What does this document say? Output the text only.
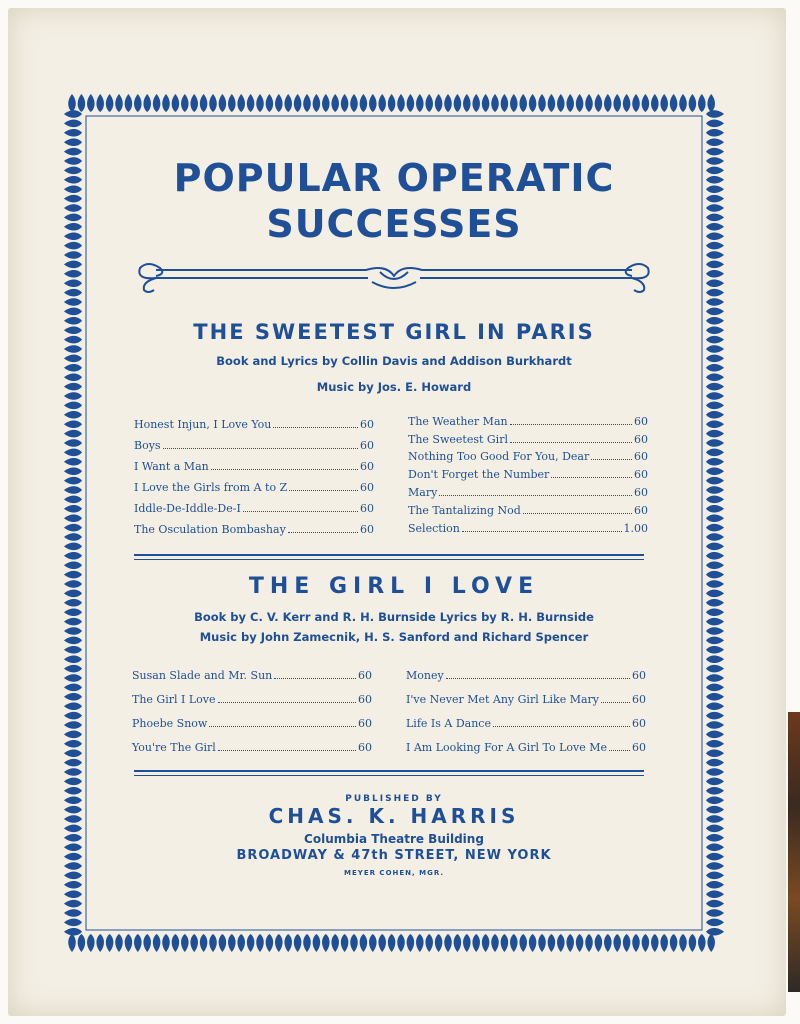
POPULAR OPERATIC
SUCCESSES
THE SWEETEST GIRL IN PARIS
Book and Lyrics by Collin Davis and Addison Burkhardt
Music by Jos. E. Howard
Honest Injun, I Love You	60
Boys	60
I Want a Man	60
I Love the Girls from A to Z	60
Iddle-De-Iddle-De-I	60
The Osculation Bombashay	60
The Weather Man	60
The Sweetest Girl	60
Nothing Too Good For You, Dear	60
Don't Forget the Number	60
Mary	60
The Tantalizing Nod	60
Selection	1.00
THE GIRL I LOVE
Book by C. V. Kerr and R. H. Burnside Lyrics by R. H. Burnside
Music by John Zamecnik, H. S. Sanford and Richard Spencer
Susan Slade and Mr. Sun	60
The Girl I Love	60
Phoebe Snow	60
You're The Girl	60
Money	60
I've Never Met Any Girl Like Mary	60
Life Is A Dance	60
I Am Looking For A Girl To Love Me 60
PUBLISHED BY
CHAS. K. HARRIS
Columbia Theatre Building
BROADWAY & 47th STREET, NEW YORK
MEYER COHEN, MGR.
